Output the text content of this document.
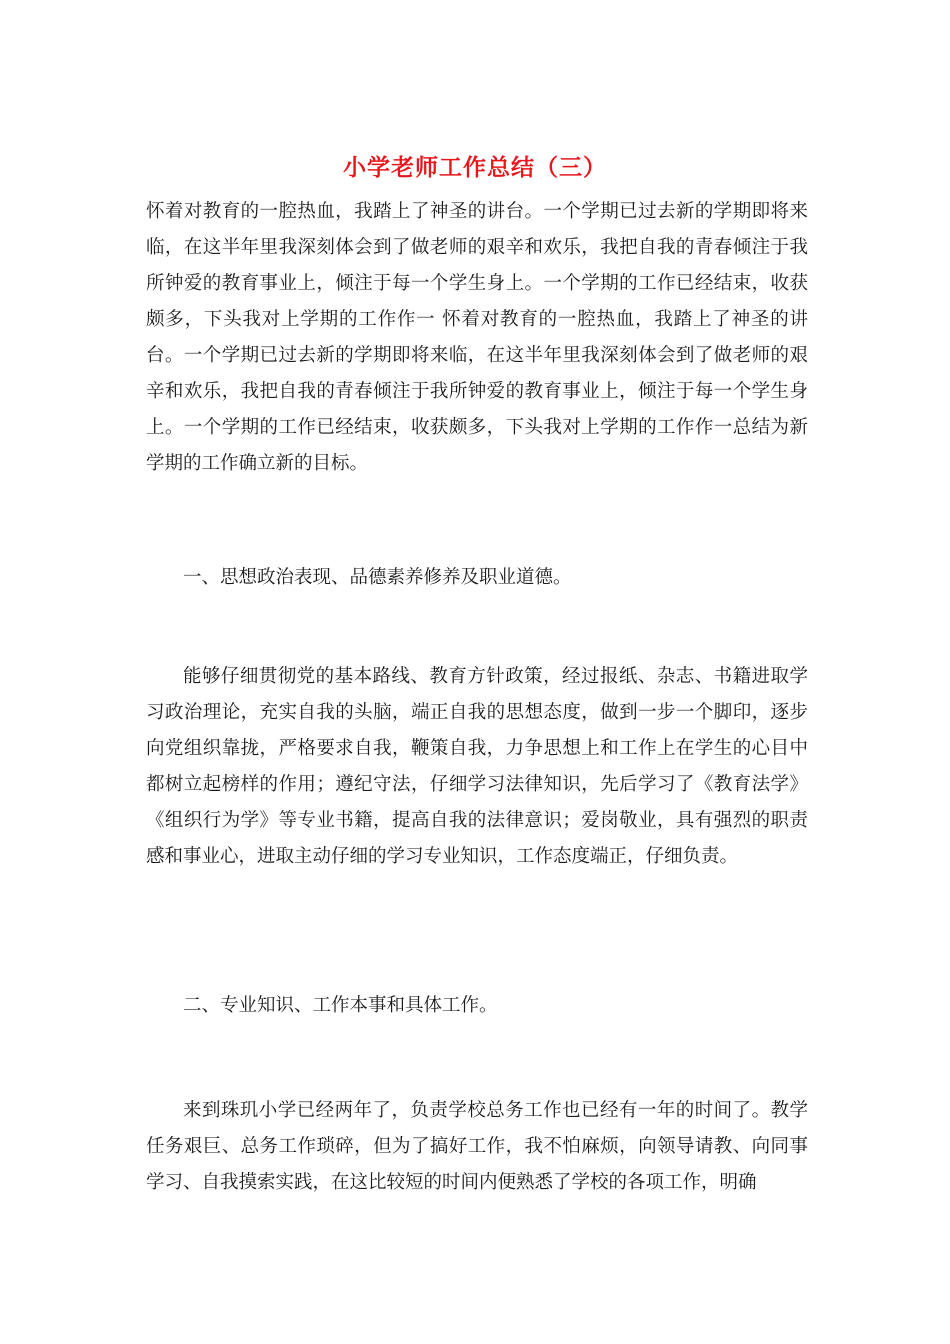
小学老师工作总结（三）

怀着对教育的一腔热血，我踏上了神圣的讲台。一个学期已过去新的学期即将来临，在这半年里我深刻体会到了做老师的艰辛和欢乐，我把自我的青春倾注于我所钟爱的教育事业上，倾注于每一个学生身上。一个学期的工作已经结束，收获颇多，下头我对上学期的工作作一 怀着对教育的一腔热血，我踏上了神圣的讲台。一个学期已过去新的学期即将来临，在这半年里我深刻体会到了做老师的艰辛和欢乐，我把自我的青春倾注于我所钟爱的教育事业上，倾注于每一个学生身上。一个学期的工作已经结束，收获颇多，下头我对上学期的工作作一总结为新学期的工作确立新的目标。

一、思想政治表现、品德素养修养及职业道德。

能够仔细贯彻党的基本路线、教育方针政策，经过报纸、杂志、书籍进取学习政治理论，充实自我的头脑，端正自我的思想态度，做到一步一个脚印，逐步向党组织靠拢，严格要求自我，鞭策自我，力争思想上和工作上在学生的心目中都树立起榜样的作用；遵纪守法，仔细学习法律知识，先后学习了《教育法学》《组织行为学》等专业书籍，提高自我的法律意识；爱岗敬业，具有强烈的职责感和事业心，进取主动仔细的学习专业知识，工作态度端正，仔细负责。

二、专业知识、工作本事和具体工作。

来到珠玑小学已经两年了，负责学校总务工作也已经有一年的时间了。教学任务艰巨、总务工作琐碎，但为了搞好工作，我不怕麻烦，向领导请教、向同事学习、自我摸索实践，在这比较短的时间内便熟悉了学校的各项工作，明确
